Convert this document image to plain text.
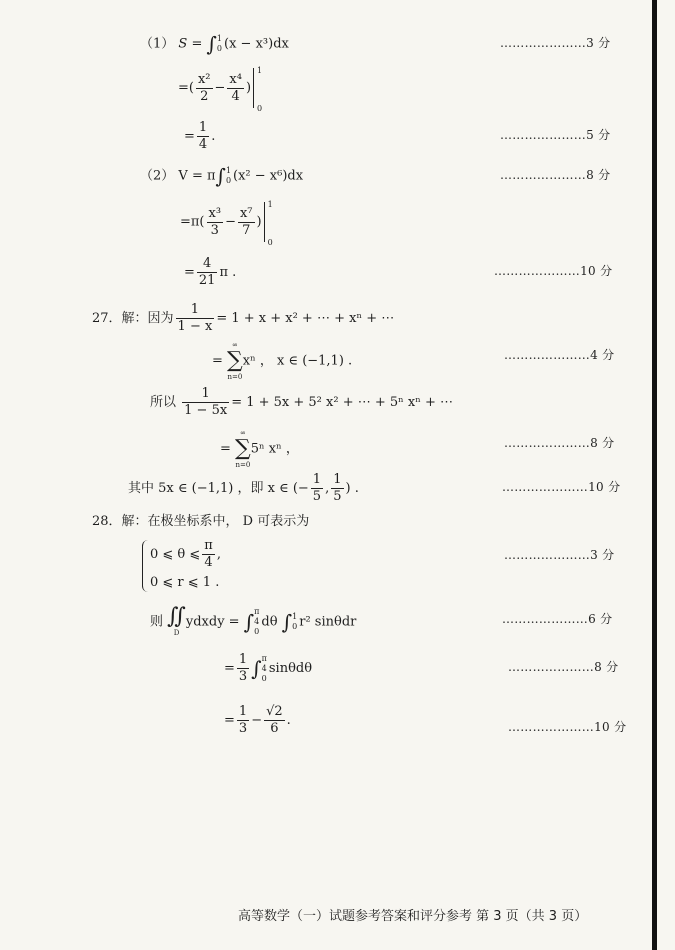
（1） S = ∫ 1
0 (x − x³)dx	…………………3 分
=( $\frac{\text{x²}}{2} - \frac{\text{x⁴}}{4}$ )
1
0
= $\frac{1}{4}$ .	…………………5 分
（2） V = π∫ 1
0 (x² − x⁶)dx	…………………8 分
$=\pi( \frac{\text{x³}}{3} - \frac{\text{x⁷}}{7}$ )
1
0
= $\frac{4}{21}$ π .	…………………10 分
27．解：因为 $\frac{1}{1 - x} = 1 + x + x^2$ + ⋯ + xⁿ + ⋯
=
∞
∑
n=0
xⁿ ， x ∈ (−1,1) .	…………………4 分
所以 $\frac{1}{1 - 5x} = 1 + 5x + 5^2$ x² + ⋯ + 5ⁿ xⁿ + ⋯
=
∞
∑
n=0
5ⁿ xⁿ ，	…………………8 分
其中 5x ∈ (−1,1) ，即 x ∈ (− $\frac{1}{5}$ , $\frac{1}{5}$ ) .	…………………10 分
28．解：在极坐标系中， D 可表示为
0 ⩽ θ ⩽ $\frac{\pi}{4}$ ,	…………………3 分
0 ⩽ r ⩽ 1 .
则 ∬
D
ydxdy = ∫ π
4
0
dθ ∫ 1
0 r² sinθdr	…………………6 分
= $\frac{1}{3}$ ∫ π
4
0
sinθdθ	…………………8 分
= $\frac{1}{3} - \frac{√2}{6}$ .	…………………10 分
高等数学（一）试题参考答案和评分参考 第 3 页（共 3 页）
